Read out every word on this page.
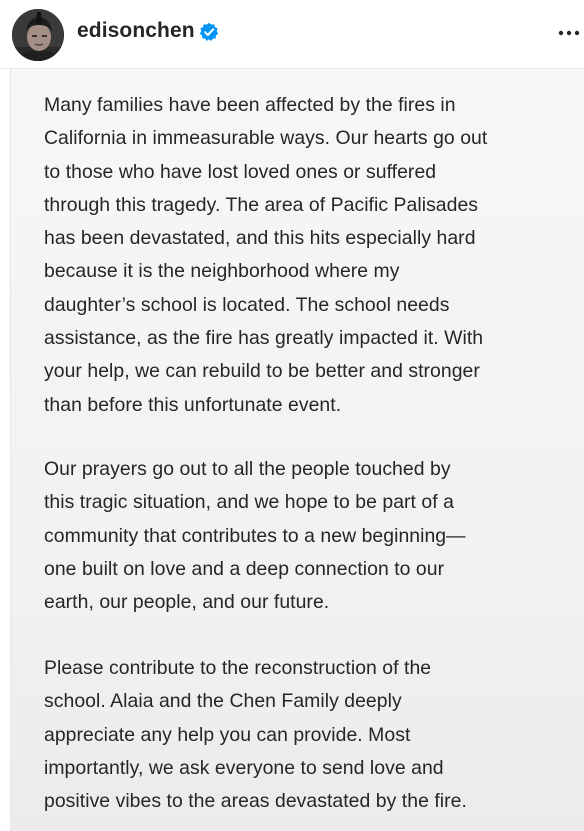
edisonchen

Many families have been affected by the fires in
California in immeasurable ways. Our hearts go out
to those who have lost loved ones or suffered
through this tragedy. The area of Pacific Palisades
has been devastated, and this hits especially hard
because it is the neighborhood where my
daughter’s school is located. The school needs
assistance, as the fire has greatly impacted it. With
your help, we can rebuild to be better and stronger
than before this unfortunate event.

Our prayers go out to all the people touched by
this tragic situation, and we hope to be part of a
community that contributes to a new beginning—
one built on love and a deep connection to our
earth, our people, and our future.

Please contribute to the reconstruction of the
school. Alaia and the Chen Family deeply
appreciate any help you can provide. Most
importantly, we ask everyone to send love and
positive vibes to the areas devastated by the fire.
